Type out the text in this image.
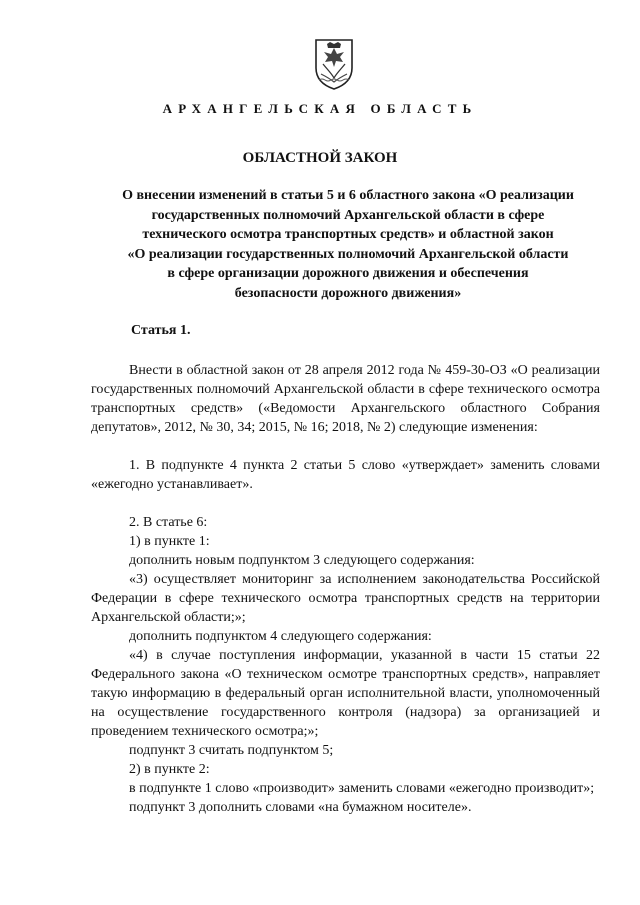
АРХАНГЕЛЬСКАЯ ОБЛАСТЬ
ОБЛАСТНОЙ ЗАКОН
О внесении изменений в статьи 5 и 6 областного закона «О реализации
государственных полномочий Архангельской области в сфере
технического осмотра транспортных средств» и областной закон
«О реализации государственных полномочий Архангельской области
в сфере организации дорожного движения и обеспечения
безопасности дорожного движения»
Статья 1.

Внести в областной закон от 28 апреля 2012 года № 459-30-ОЗ «О реализации государственных полномочий Архангельской области в сфере технического осмотра транспортных средств» («Ведомости Архангельского областного Собрания депутатов», 2012, № 30, 34; 2015, № 16; 2018, № 2) следующие изменения:

1. В подпункте 4 пункта 2 статьи 5 слово «утверждает» заменить словами «ежегодно устанавливает».

2. В статье 6:

1) в пункте 1:

дополнить новым подпунктом 3 следующего содержания:

«3) осуществляет мониторинг за исполнением законодательства Российской Федерации в сфере технического осмотра транспортных средств на территории Архангельской области;»;

дополнить подпунктом 4 следующего содержания:

«4) в случае поступления информации, указанной в части 15 статьи 22 Федерального закона «О техническом осмотре транспортных средств», направляет такую информацию в федеральный орган исполнительной власти, уполномоченный на осуществление государственного контроля (надзора) за организацией и проведением технического осмотра;»;

подпункт 3 считать подпунктом 5;

2) в пункте 2:

в подпункте 1 слово «производит» заменить словами «ежегодно производит»;

подпункт 3 дополнить словами «на бумажном носителе».
